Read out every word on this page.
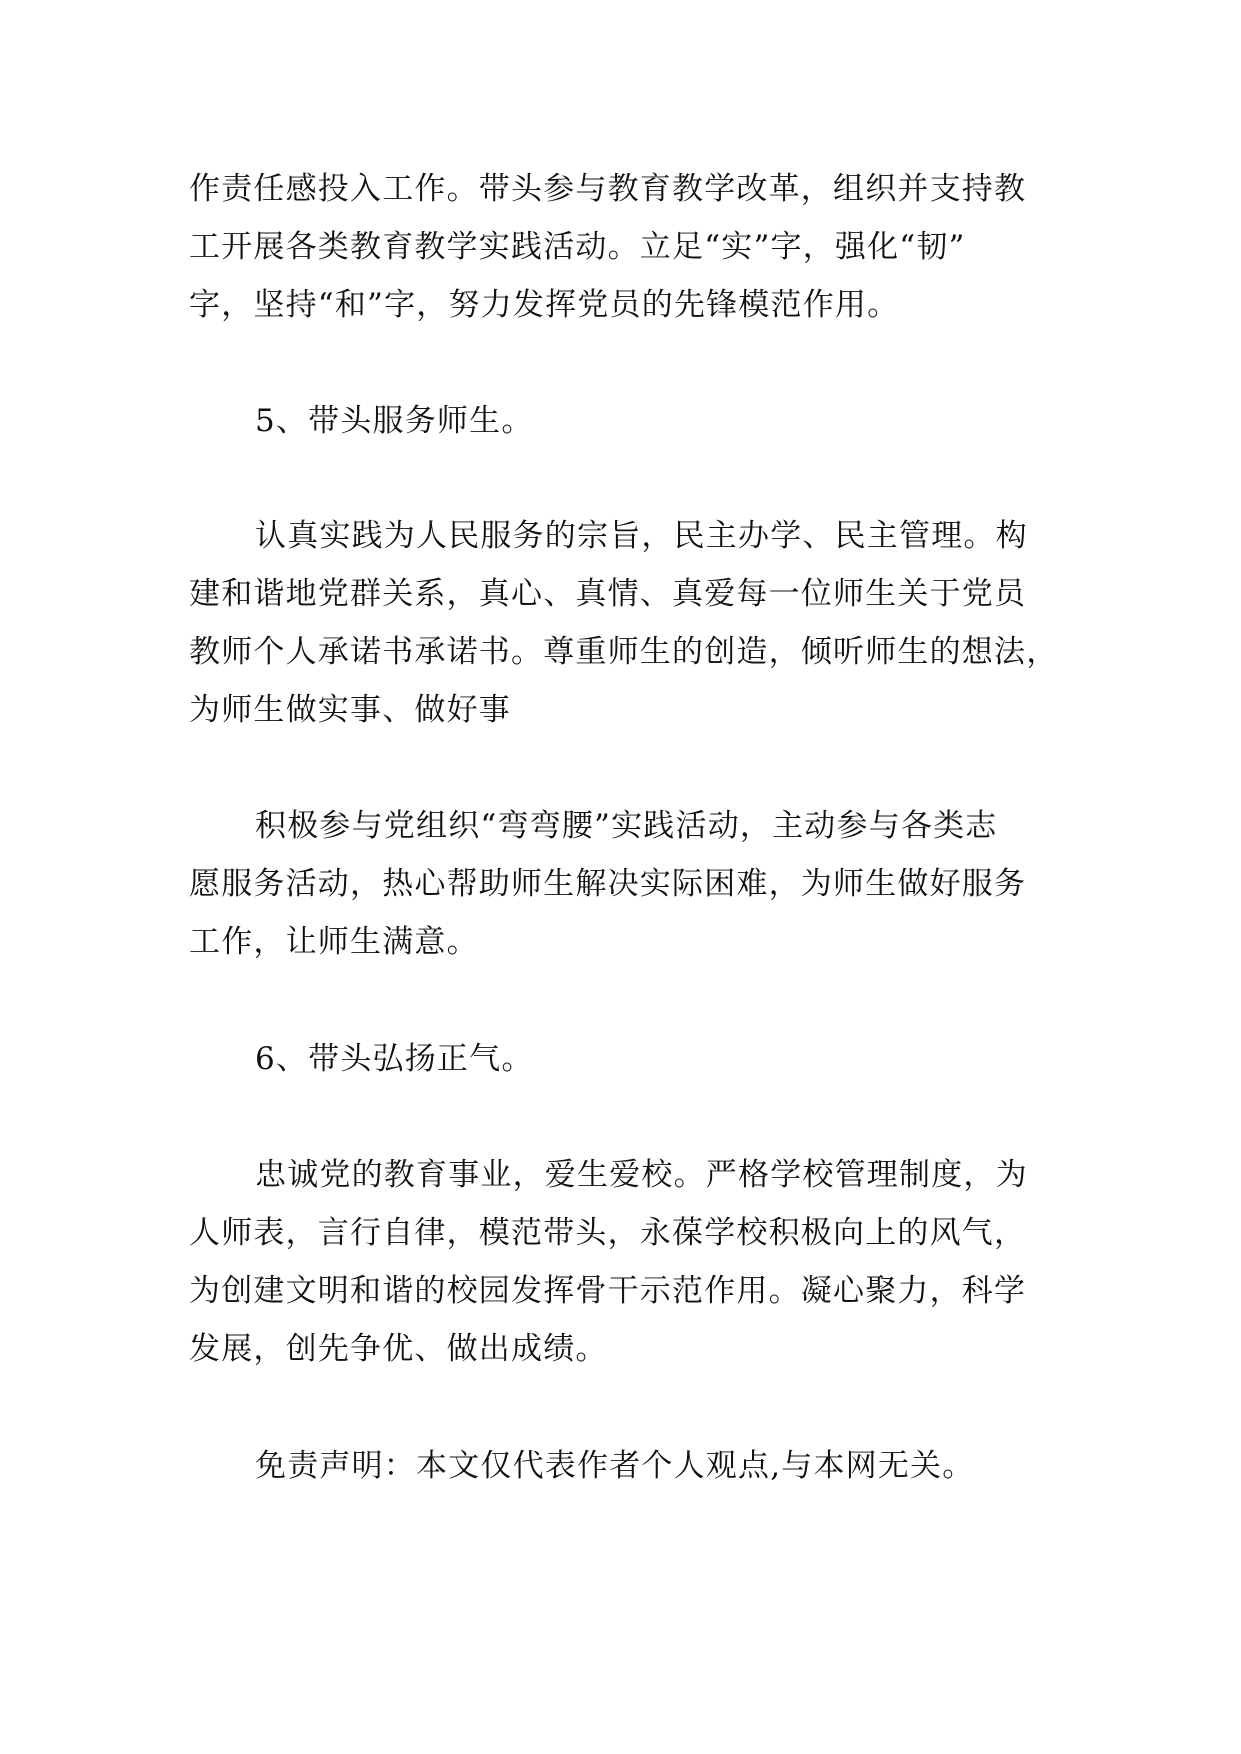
作责任感投入工作。带头参与教育教学改革，组织并支持教
工开展各类教育教学实践活动。立足“实”字，强化“韧”
字，坚持“和”字，努力发挥党员的先锋模范作用。
5、带头服务师生。
认真实践为人民服务的宗旨，民主办学、民主管理。构
建和谐地党群关系，真心、真情、真爱每一位师生关于党员
教师个人承诺书承诺书。尊重师生的创造，倾听师生的想法，
为师生做实事、做好事
积极参与党组织“弯弯腰”实践活动，主动参与各类志
愿服务活动，热心帮助师生解决实际困难，为师生做好服务
工作，让师生满意。
6、带头弘扬正气。
忠诚党的教育事业，爱生爱校。严格学校管理制度，为
人师表，言行自律，模范带头，永葆学校积极向上的风气，
为创建文明和谐的校园发挥骨干示范作用。凝心聚力，科学
发展，创先争优、做出成绩。
免责声明：本文仅代表作者个人观点,与本网无关。
